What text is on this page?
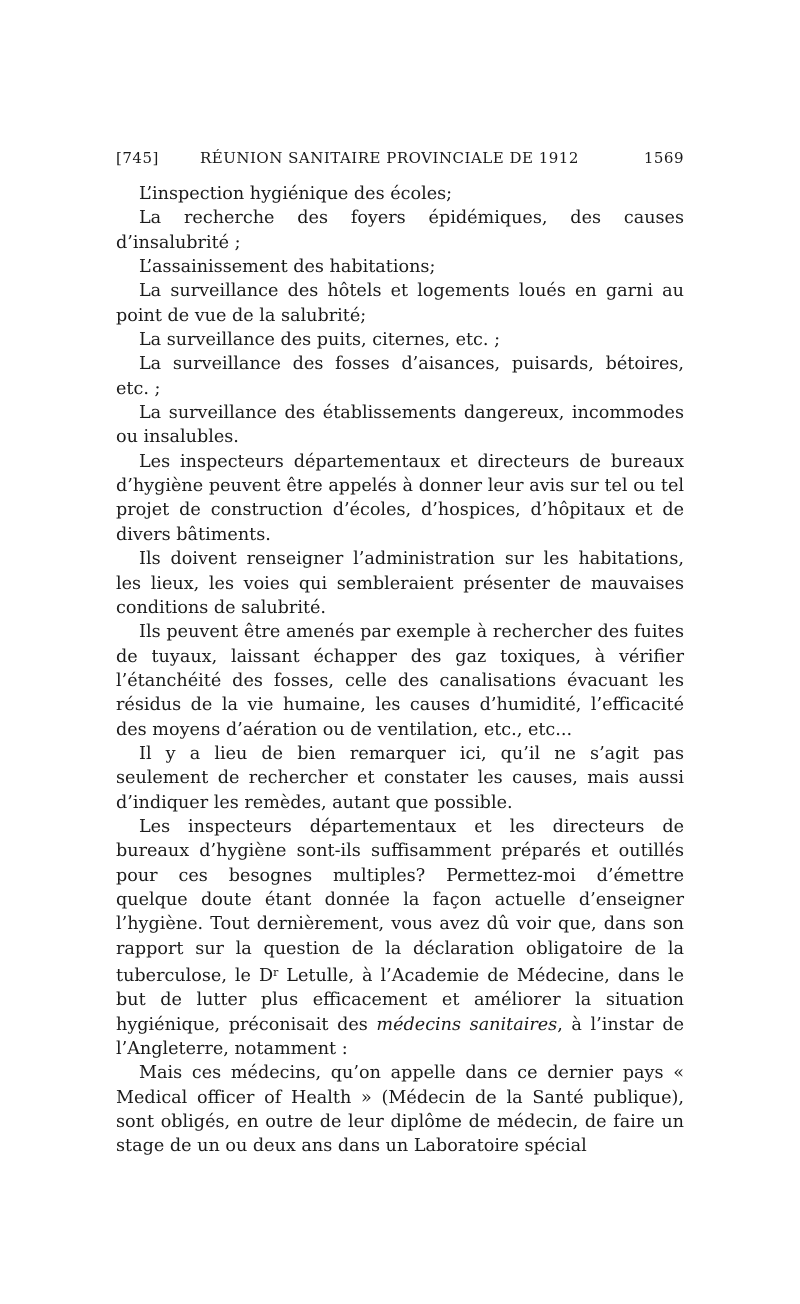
[745]	RÉUNION SANITAIRE PROVINCIALE DE 1912	1569

L’inspection hygiénique des écoles;

La recherche des foyers épidémiques, des causes d’insalubrité ;

L’assainissement des habitations;

La surveillance des hôtels et logements loués en garni au point de vue de la salubrité;

La surveillance des puits, citernes, etc. ;

La surveillance des fosses d’aisances, puisards, bétoires, etc. ;

La surveillance des établissements dangereux, incommodes ou insalubles.

Les inspecteurs départementaux et directeurs de bureaux d’hygiène peuvent être appelés à donner leur avis sur tel ou tel projet de construction d’écoles, d’hospices, d’hôpitaux et de divers bâtiments.

Ils doivent renseigner l’administration sur les habitations, les lieux, les voies qui sembleraient présenter de mauvaises conditions de salubrité.

Ils peuvent être amenés par exemple à rechercher des fuites de tuyaux, laissant échapper des gaz toxiques, à vérifier l’étanchéité des fosses, celle des canalisations évacuant les résidus de la vie humaine, les causes d’humidité, l’efficacité des moyens d’aération ou de ventilation, etc., etc...

Il y a lieu de bien remarquer ici, qu’il ne s’agit pas seulement de rechercher et constater les causes, mais aussi d’indiquer les remèdes, autant que possible.

Les inspecteurs départementaux et les directeurs de bureaux d’hygiène sont-ils suffisamment préparés et outillés pour ces besognes multiples? Permettez-moi d’émettre quelque doute étant donnée la façon actuelle d’enseigner l’hygiène. Tout dernièrement, vous avez dû voir que, dans son rapport sur la question de la déclaration obligatoire de la tuberculose, le $D^r$ Letulle, à l’Academie de Médecine, dans le but de lutter plus efficacement et améliorer la situation hygiénique, préconisait des médecins sanitaires, à l’instar de l’Angleterre, notamment :

Mais ces médecins, qu’on appelle dans ce dernier pays « Medical officer of Health » (Médecin de la Santé publique), sont obligés, en outre de leur diplôme de médecin, de faire un stage de un ou deux ans dans un Laboratoire spécial
